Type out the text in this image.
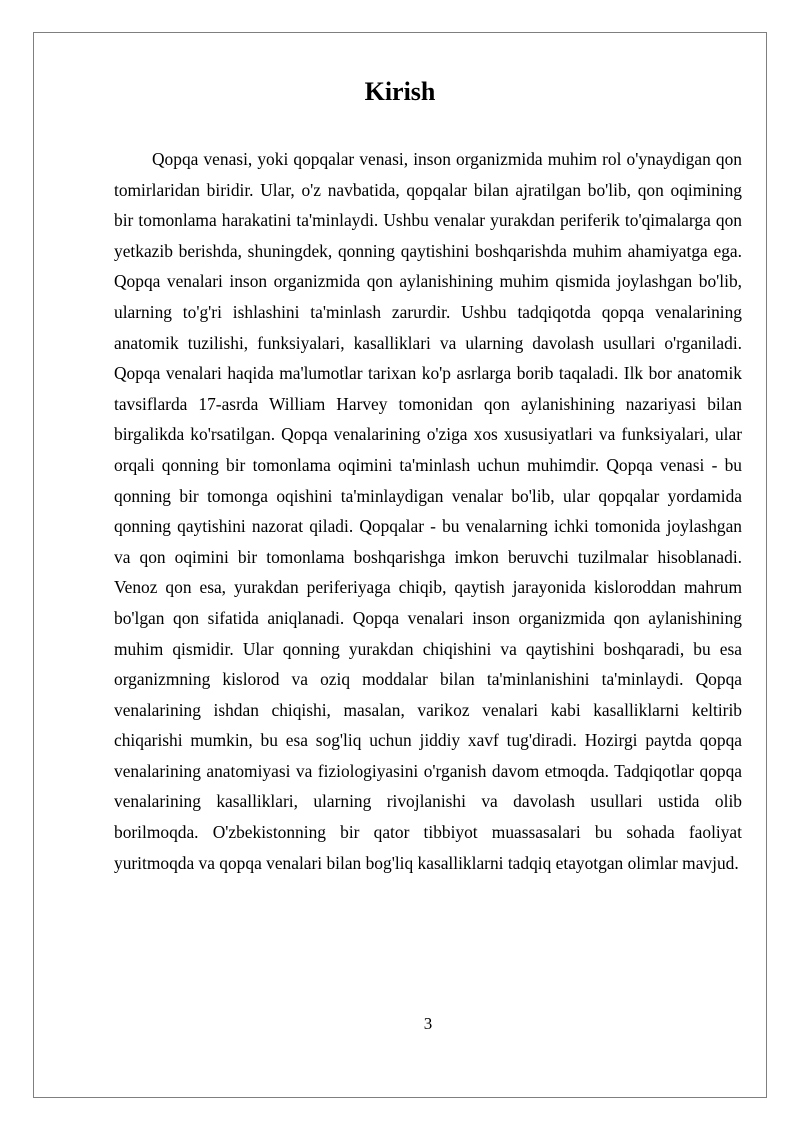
Kirish

Qopqa venasi, yoki qopqalar venasi, inson organizmida muhim rol o'ynaydigan qon tomirlaridan biridir. Ular, o'z navbatida, qopqalar bilan ajratilgan bo'lib, qon oqimining bir tomonlama harakatini ta'minlaydi. Ushbu venalar yurakdan periferik to'qimalarga qon yetkazib berishda, shuningdek, qonning qaytishini boshqarishda muhim ahamiyatga ega. Qopqa venalari inson organizmida qon aylanishining muhim qismida joylashgan bo'lib, ularning to'g'ri ishlashini ta'minlash zarurdir. Ushbu tadqiqotda qopqa venalarining anatomik tuzilishi, funksiyalari, kasalliklari va ularning davolash usullari o'rganiladi. Qopqa venalari haqida ma'lumotlar tarixan ko'p asrlarga borib taqaladi. Ilk bor anatomik tavsiflarda 17-asrda William Harvey tomonidan qon aylanishining nazariyasi bilan birgalikda ko'rsatilgan. Qopqa venalarining o'ziga xos xususiyatlari va funksiyalari, ular orqali qonning bir tomonlama oqimini ta'minlash uchun muhimdir. Qopqa venasi - bu qonning bir tomonga oqishini ta'minlaydigan venalar bo'lib, ular qopqalar yordamida qonning qaytishini nazorat qiladi. Qopqalar - bu venalarning ichki tomonida joylashgan va qon oqimini bir tomonlama boshqarishga imkon beruvchi tuzilmalar hisoblanadi. Venoz qon esa, yurakdan periferiyaga chiqib, qaytish jarayonida kisloroddan mahrum bo'lgan qon sifatida aniqlanadi. Qopqa venalari inson organizmida qon aylanishining muhim qismidir. Ular qonning yurakdan chiqishini va qaytishini boshqaradi, bu esa organizmning kislorod va oziq moddalar bilan ta'minlanishini ta'minlaydi. Qopqa venalarining ishdan chiqishi, masalan, varikoz venalari kabi kasalliklarni keltirib chiqarishi mumkin, bu esa sog'liq uchun jiddiy xavf tug'diradi. Hozirgi paytda qopqa venalarining anatomiyasi va fiziologiyasini o'rganish davom etmoqda. Tadqiqotlar qopqa venalarining kasalliklari, ularning rivojlanishi va davolash usullari ustida olib borilmoqda. O'zbekistonning bir qator tibbiyot muassasalari bu sohada faoliyat yuritmoqda va qopqa venalari bilan bog'liq kasalliklarni tadqiq etayotgan olimlar mavjud.

3
